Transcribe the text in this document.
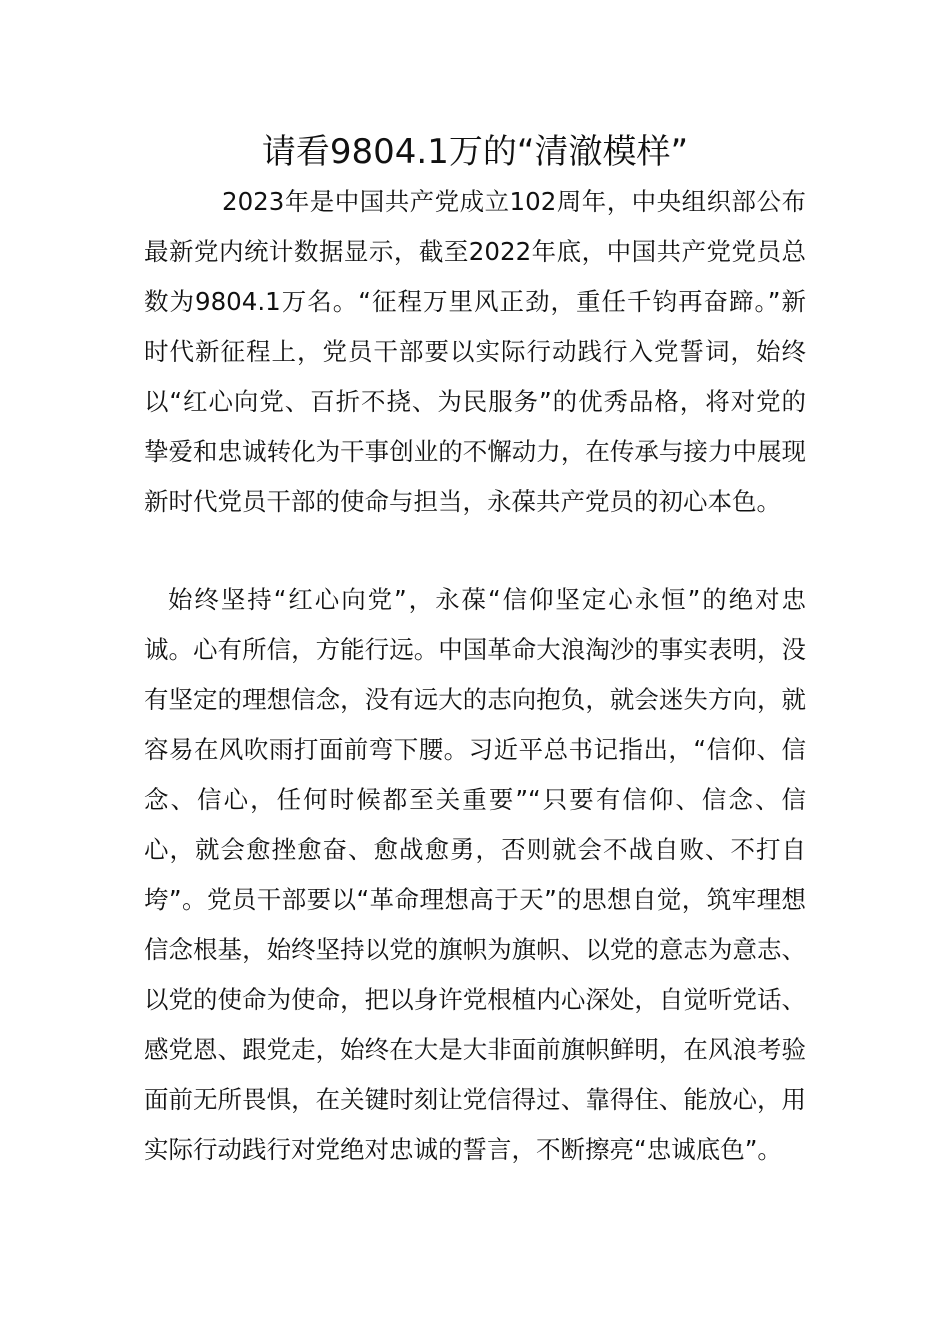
请看9804.1万的“清澈模样”

2023年是中国共产党成立102周年，中央组织部公布最新党内统计数据显示，截至2022年底，中国共产党党员总数为9804.1万名。“征程万里风正劲，重任千钧再奋蹄。”新时代新征程上，党员干部要以实际行动践行入党誓词，始终以“红心向党、百折不挠、为民服务”的优秀品格，将对党的挚爱和忠诚转化为干事创业的不懈动力，在传承与接力中展现新时代党员干部的使命与担当，永葆共产党员的初心本色。

始终坚持“红心向党”，永葆“信仰坚定心永恒”的绝对忠诚。心有所信，方能行远。中国革命大浪淘沙的事实表明，没有坚定的理想信念，没有远大的志向抱负，就会迷失方向，就容易在风吹雨打面前弯下腰。习近平总书记指出，“信仰、信念、信心，任何时候都至关重要”“只要有信仰、信念、信心，就会愈挫愈奋、愈战愈勇，否则就会不战自败、不打自垮”。党员干部要以“革命理想高于天”的思想自觉，筑牢理想信念根基，始终坚持以党的旗帜为旗帜、以党的意志为意志、以党的使命为使命，把以身许党根植内心深处，自觉听党话、感党恩、跟党走，始终在大是大非面前旗帜鲜明，在风浪考验面前无所畏惧，在关键时刻让党信得过、靠得住、能放心，用实际行动践行对党绝对忠诚的誓言，不断擦亮“忠诚底色”。
